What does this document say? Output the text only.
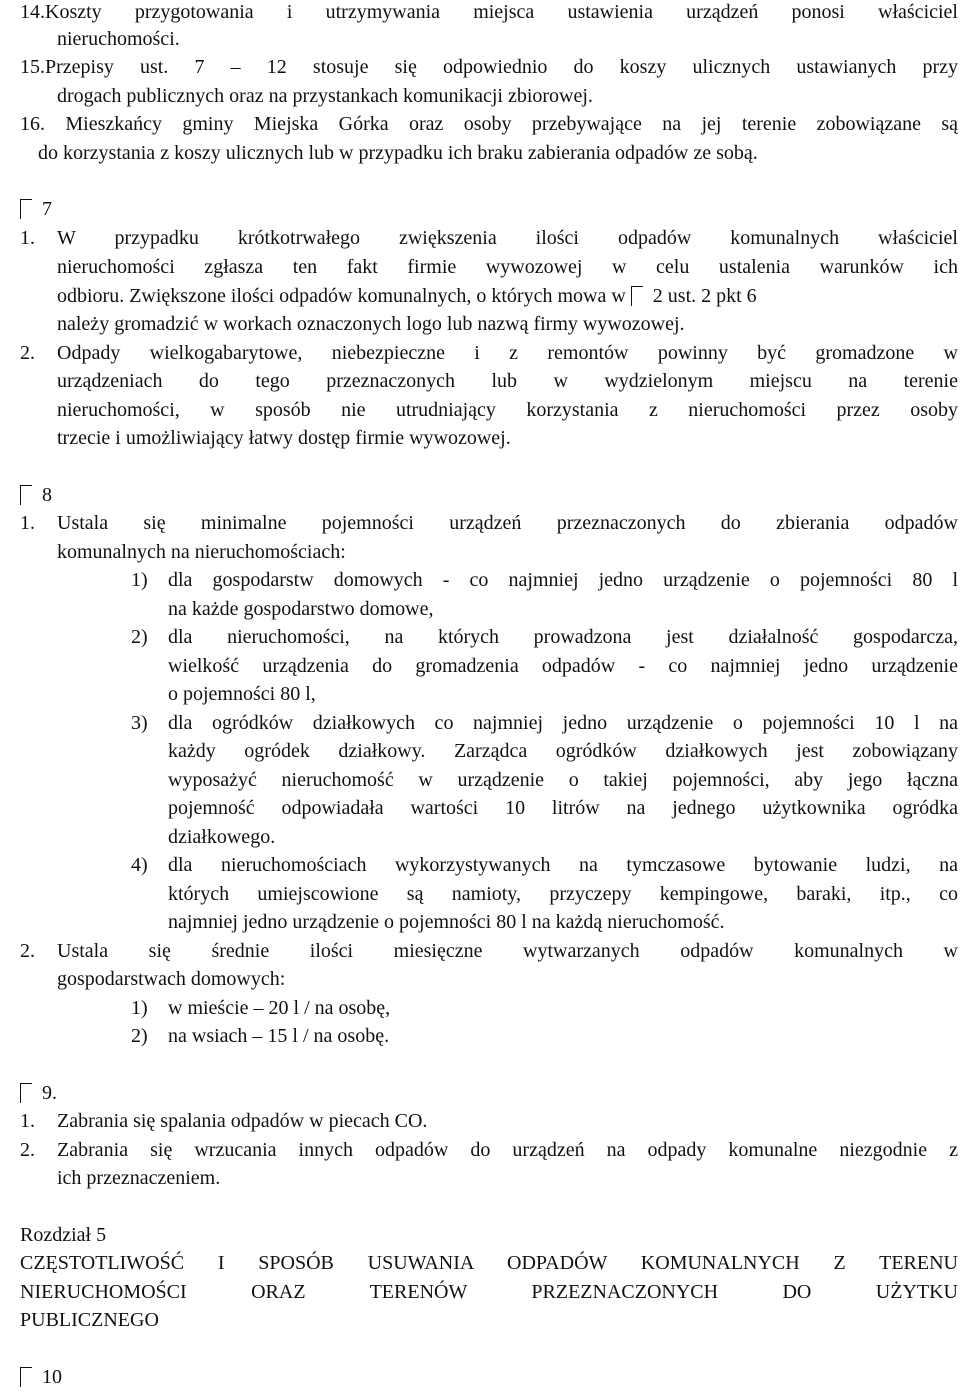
14.Koszty przygotowania i utrzymywania miejsca ustawienia urządzeń ponosi właściciel
nieruchomości.
15.Przepisy ust. 7 – 12 stosuje się odpowiednio do koszy ulicznych ustawianych przy
drogach publicznych oraz na przystankach komunikacji zbiorowej.
16. Mieszkańcy gminy Miejska Górka oraz osoby przebywające na jej terenie zobowiązane są
do korzystania z koszy ulicznych lub w przypadku ich braku zabierania odpadów ze sobą.
7
1. W przypadku krótkotrwałego zwiększenia ilości odpadów komunalnych właściciel
nieruchomości zgłasza ten fakt firmie wywozowej w celu ustalenia warunków ich
odbioru. Zwiększone ilości odpadów komunalnych, o których mowa w 2 ust. 2 pkt 6
należy gromadzić w workach oznaczonych logo lub nazwą firmy wywozowej.
2. Odpady wielkogabarytowe, niebezpieczne i z remontów powinny być gromadzone w
urządzeniach do tego przeznaczonych lub w wydzielonym miejscu na terenie
nieruchomości, w sposób nie utrudniający korzystania z nieruchomości przez osoby
trzecie i umożliwiający łatwy dostęp firmie wywozowej.
8
1. Ustala się minimalne pojemności urządzeń przeznaczonych do zbierania odpadów
komunalnych na nieruchomościach:
1) dla gospodarstw domowych - co najmniej jedno urządzenie o pojemności 80 l
na każde gospodarstwo domowe,
2) dla nieruchomości, na których prowadzona jest działalność gospodarcza,
wielkość urządzenia do gromadzenia odpadów - co najmniej jedno urządzenie
o pojemności 80 l,
3) dla ogródków działkowych co najmniej jedno urządzenie o pojemności 10 l na
każdy ogródek działkowy. Zarządca ogródków działkowych jest zobowiązany
wyposażyć nieruchomość w urządzenie o takiej pojemności, aby jego łączna
pojemność odpowiadała wartości 10 litrów na jednego użytkownika ogródka
działkowego.
4) dla nieruchomościach wykorzystywanych na tymczasowe bytowanie ludzi, na
których umiejscowione są namioty, przyczepy kempingowe, baraki, itp., co
najmniej jedno urządzenie o pojemności 80 l na każdą nieruchomość.
2. Ustala się średnie ilości miesięczne wytwarzanych odpadów komunalnych w
gospodarstwach domowych:
1) w mieście – 20 l / na osobę,
2) na wsiach – 15 l / na osobę.
9.
1. Zabrania się spalania odpadów w piecach CO.
2. Zabrania się wrzucania innych odpadów do urządzeń na odpady komunalne niezgodnie z
ich przeznaczeniem.
Rozdział 5
CZĘSTOTLIWOŚĆ I SPOSÓB USUWANIA ODPADÓW KOMUNALNYCH Z TERENU
NIERUCHOMOŚCI ORAZ TERENÓW PRZEZNACZONYCH DO UŻYTKU
PUBLICZNEGO
10
